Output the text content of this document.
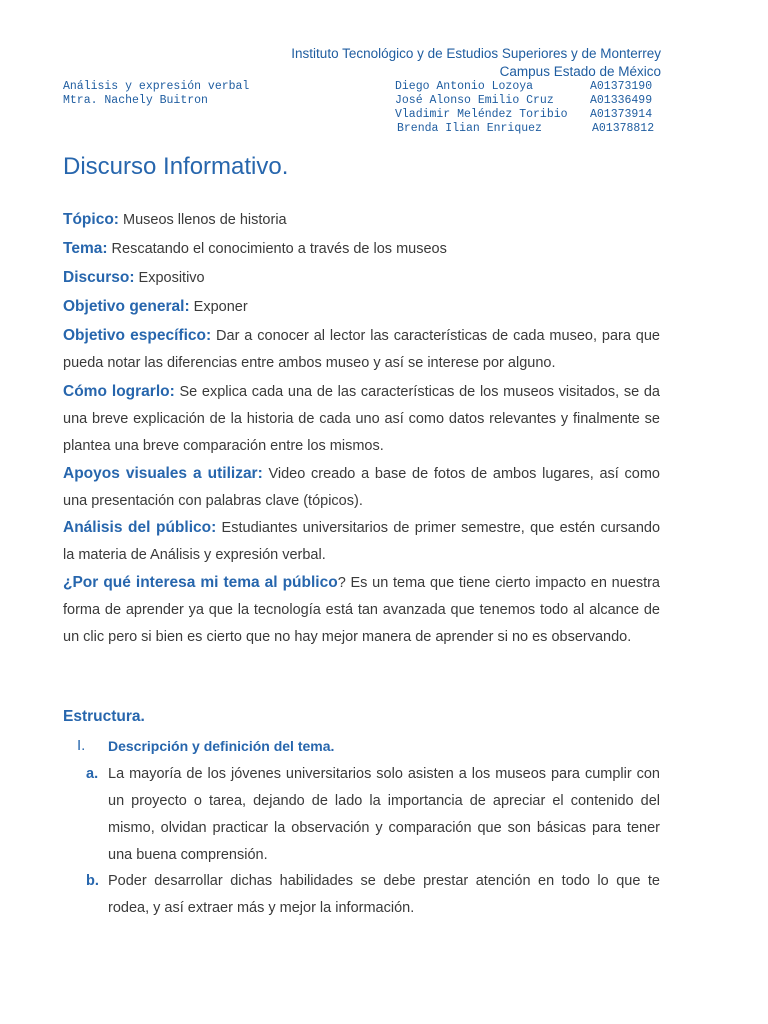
Instituto Tecnológico y de Estudios Superiores y de Monterrey
Campus Estado de México
Análisis y expresión verbal
Mtra. Nachely Buitron
Diego Antonio Lozoya	A01373190
José Alonso Emilio Cruz	A01336499
Vladimir Meléndez Toribio A01373914
Brenda Ilian Enriquez	A01378812
Discurso Informativo.
Tópico: Museos llenos de historia
Tema: Rescatando el conocimiento a través de los museos
Discurso: Expositivo
Objetivo general: Exponer
Objetivo específico: Dar a conocer al lector las características de cada museo, para que pueda notar las diferencias entre ambos museo y así se interese por alguno.
Cómo lograrlo: Se explica cada una de las características de los museos visitados, se da una breve explicación de la historia de cada uno así como datos relevantes y finalmente se plantea una breve comparación entre los mismos.
Apoyos visuales a utilizar: Video creado a base de fotos de ambos lugares, así como una presentación con palabras clave (tópicos).
Análisis del público: Estudiantes universitarios de primer semestre, que estén cursando la materia de Análisis y expresión verbal.
¿Por qué interesa mi tema al público? Es un tema que tiene cierto impacto en nuestra forma de aprender ya que la tecnología está tan avanzada que tenemos todo al alcance de un clic pero si bien es cierto que no hay mejor manera de aprender si no es observando.
Estructura.
I. Descripción y definición del tema.
a. La mayoría de los jóvenes universitarios solo asisten a los museos para cumplir con un proyecto o tarea, dejando de lado la importancia de apreciar el contenido del mismo, olvidan practicar la observación y comparación que son básicas para tener una buena comprensión.
b. Poder desarrollar dichas habilidades se debe prestar atención en todo lo que te rodea, y así extraer más y mejor la información.
